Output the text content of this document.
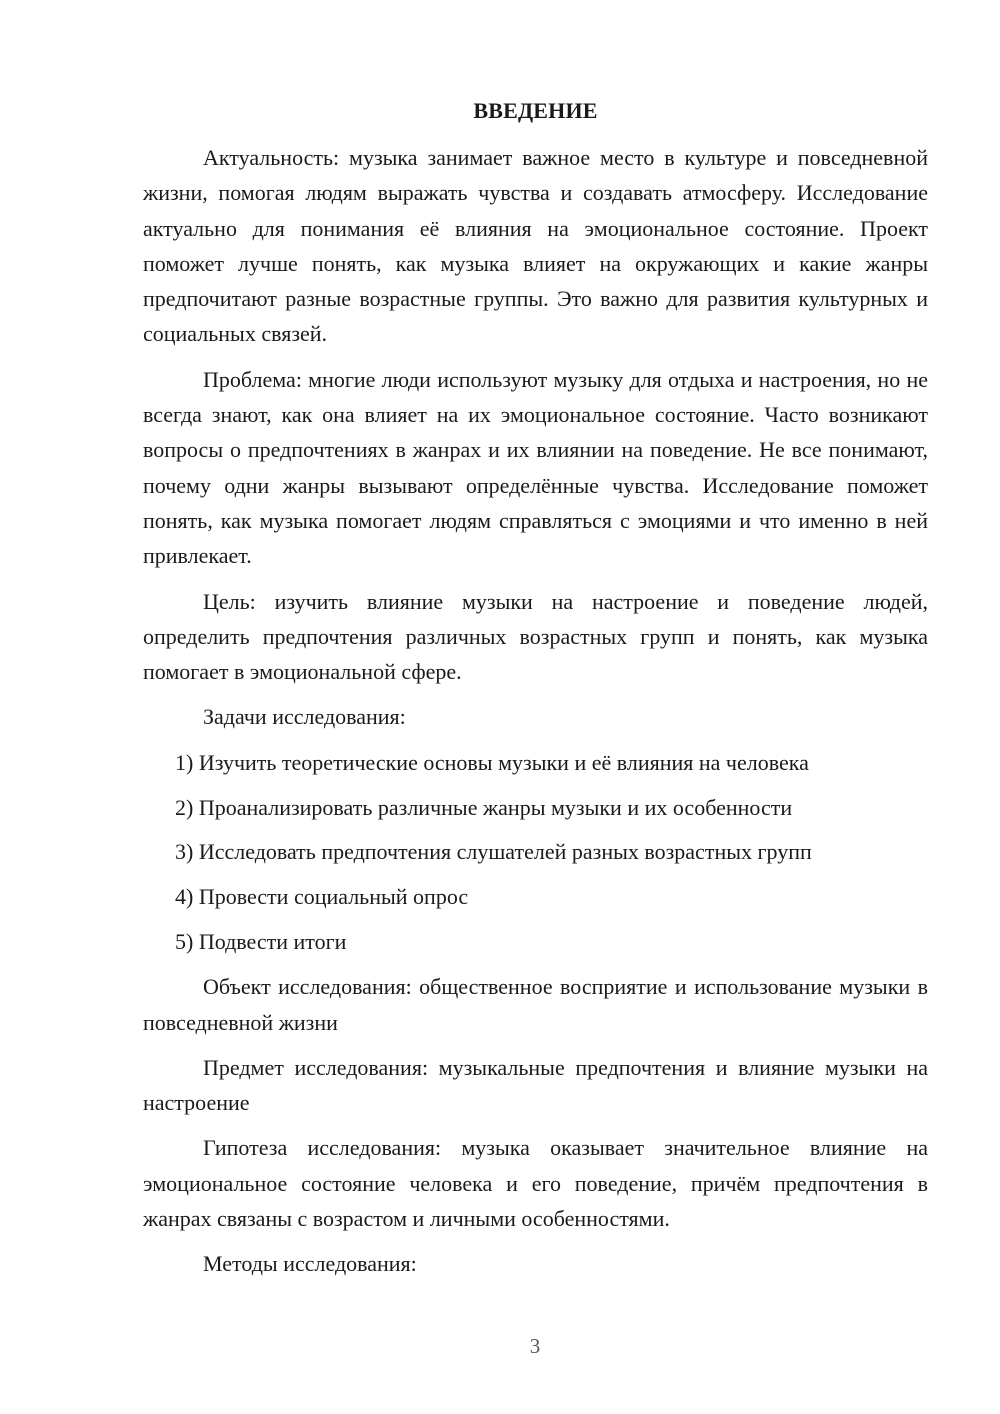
ВВЕДЕНИЕ

Актуальность: музыка занимает важное место в культуре и повседневной жизни, помогая людям выражать чувства и создавать атмосферу. Исследование актуально для понимания её влияния на эмоциональное состояние. Проект поможет лучше понять, как музыка влияет на окружающих и какие жанры предпочитают разные возрастные группы. Это важно для развития культурных и социальных связей.

Проблема: многие люди используют музыку для отдыха и настроения, но не всегда знают, как она влияет на их эмоциональное состояние. Часто возникают вопросы о предпочтениях в жанрах и их влиянии на поведение. Не все понимают, почему одни жанры вызывают определённые чувства. Исследование поможет понять, как музыка помогает людям справляться с эмоциями и что именно в ней привлекает.

Цель: изучить влияние музыки на настроение и поведение людей, определить предпочтения различных возрастных групп и понять, как музыка помогает в эмоциональной сфере.

Задачи исследования:

1) Изучить теоретические основы музыки и её влияния на человека
2) Проанализировать различные жанры музыки и их особенности
3) Исследовать предпочтения слушателей разных возрастных групп
4) Провести социальный опрос
5) Подвести итоги

Объект исследования: общественное восприятие и использование музыки в повседневной жизни

Предмет исследования: музыкальные предпочтения и влияние музыки на настроение

Гипотеза исследования: музыка оказывает значительное влияние на эмоциональное состояние человека и его поведение, причём предпочтения в жанрах связаны с возрастом и личными особенностями.

Методы исследования:

3
